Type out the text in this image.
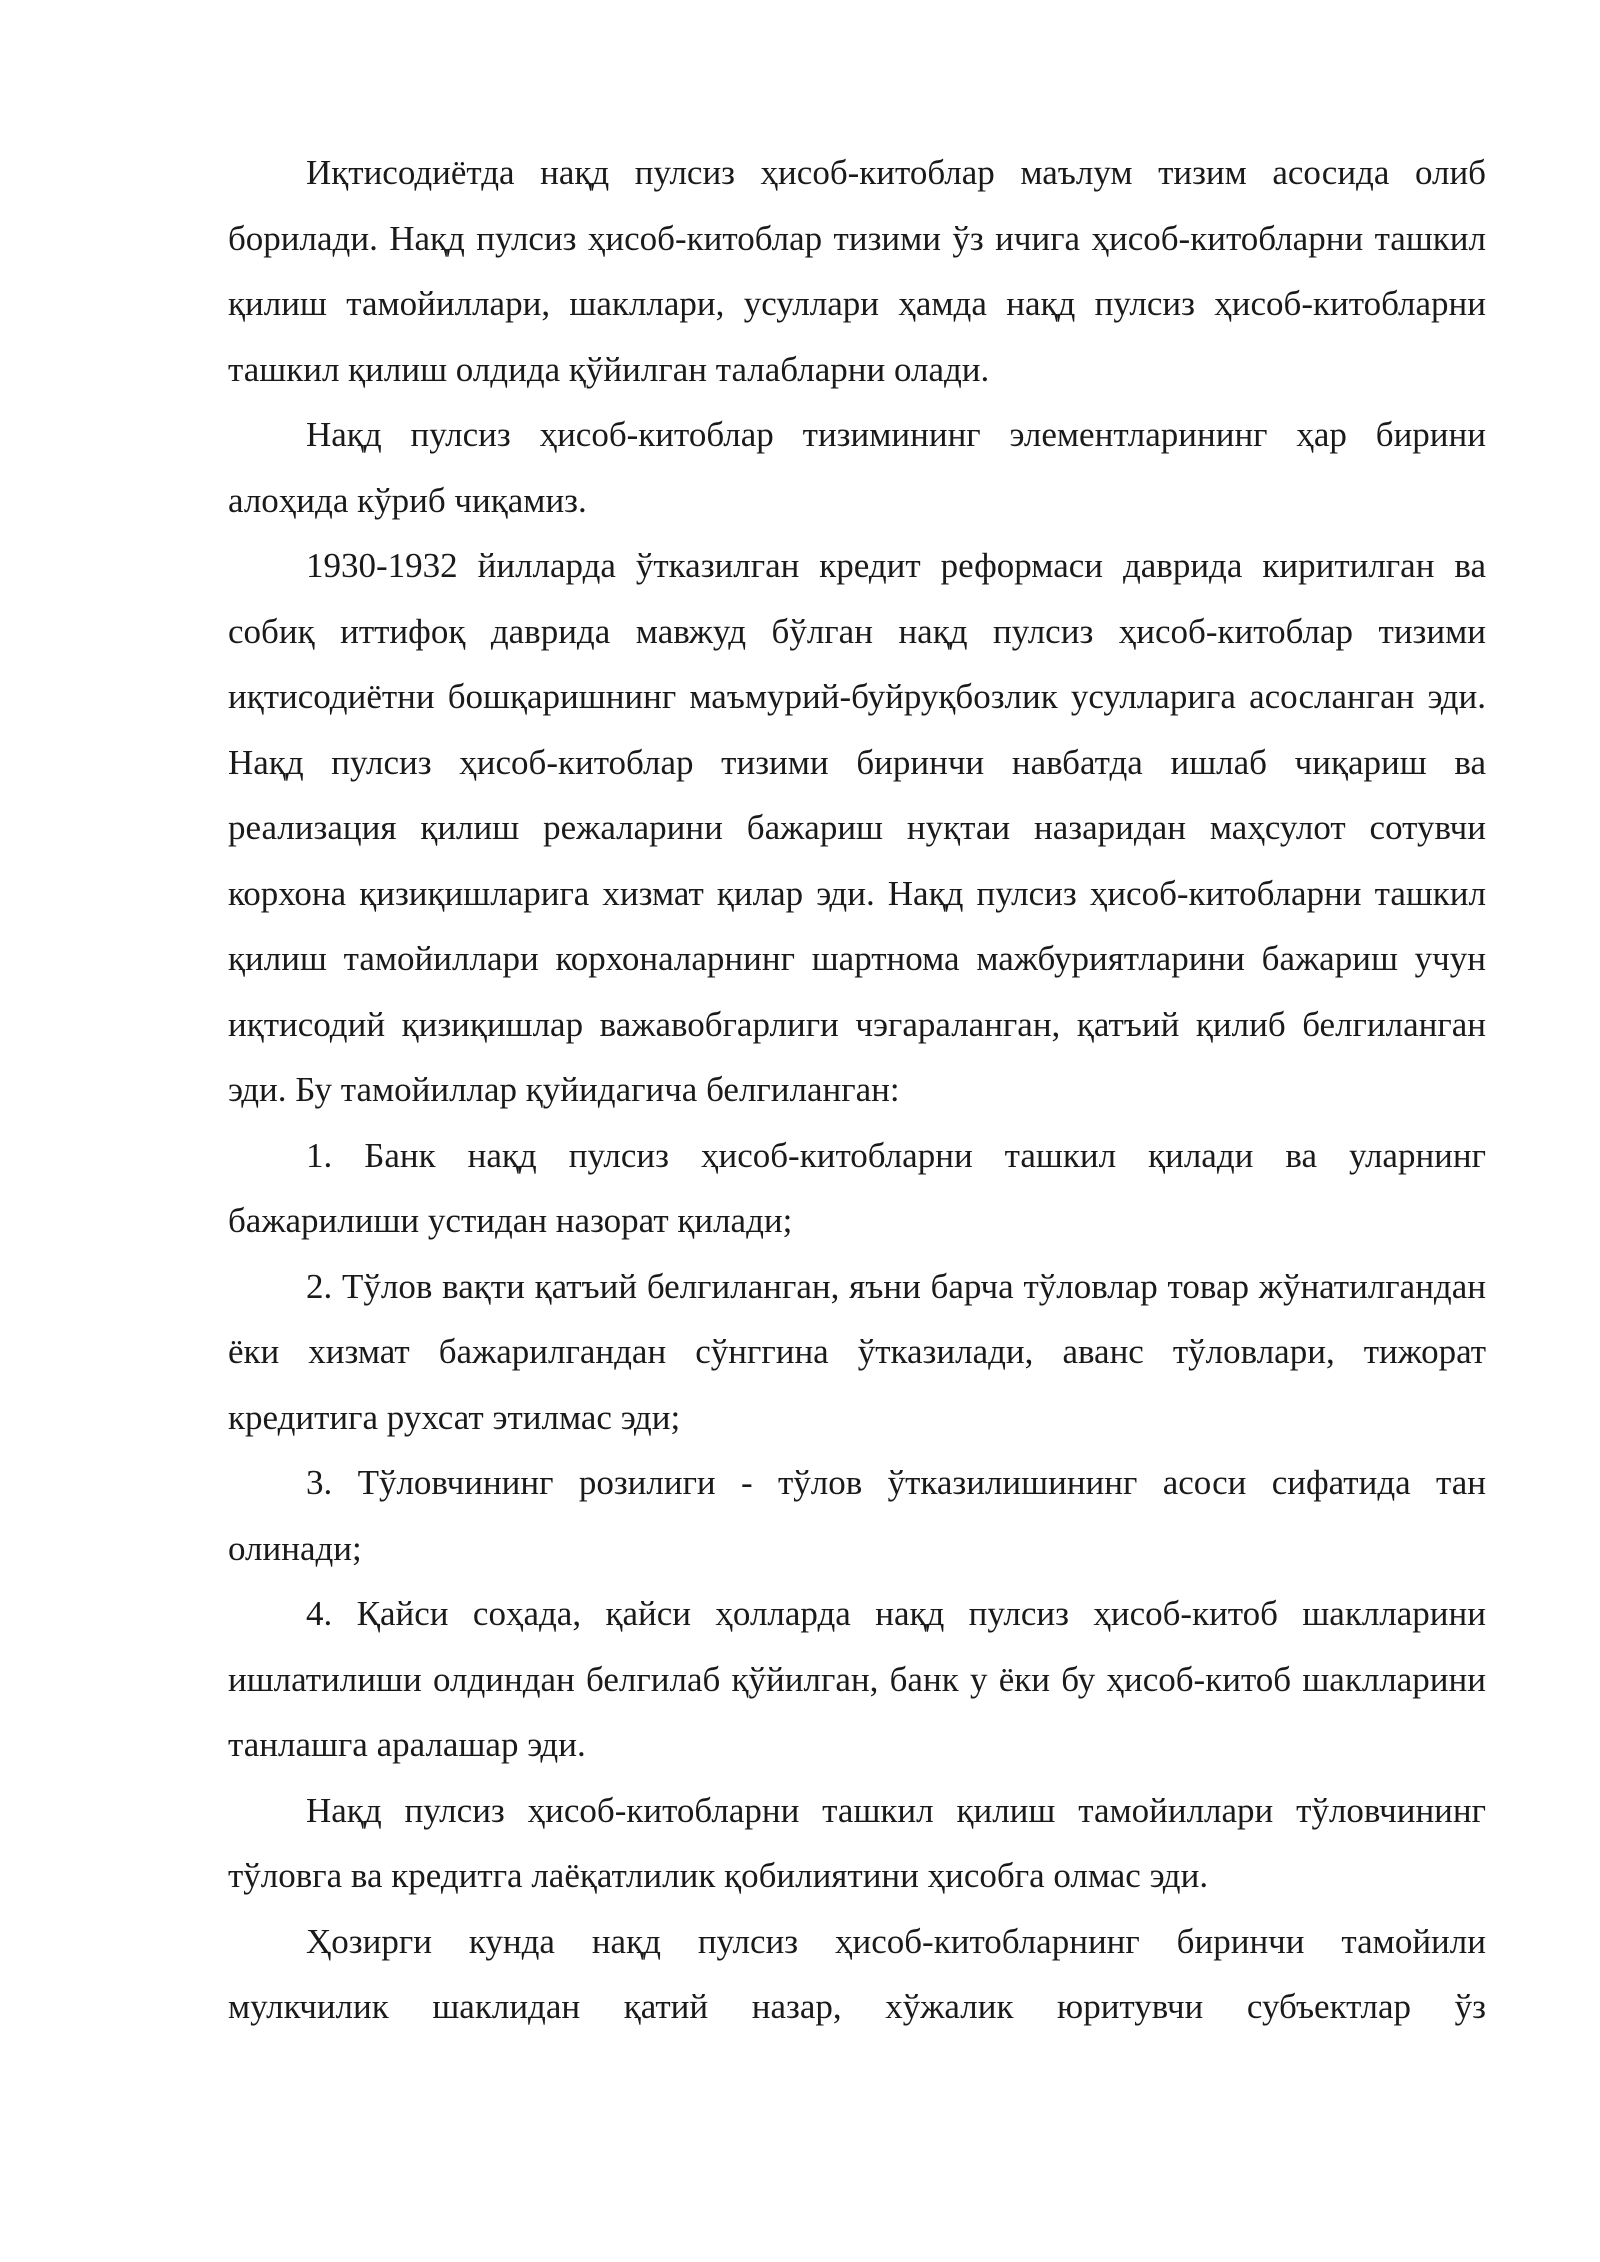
Иқтисодиётда нақд пулсиз ҳисоб-китоблар маълум тизим асосида олиб борилади. Нақд пулсиз ҳисоб-китоблар тизими ўз ичига ҳисоб-китобларни ташкил қилиш тамойиллари, шакллари, усуллари ҳамда нақд пулсиз ҳисоб-китобларни ташкил қилиш олдида қўйилган талабларни олади.

Нақд пулсиз ҳисоб-китоблар тизимининг элементларининг ҳар бирини алоҳида кўриб чиқамиз.

1930-1932 йилларда ўтказилган кредит реформаси даврида киритилган ва собиқ иттифоқ даврида мавжуд бўлган нақд пулсиз ҳисоб-китоблар тизими иқтисодиётни бошқаришнинг маъмурий-буйруқбозлик усулларига асосланган эди. Нақд пулсиз ҳисоб-китоблар тизими биринчи навбатда ишлаб чиқариш ва реализация қилиш режаларини бажариш нуқтаи назаридан маҳсулот сотувчи корхона қизиқишларига хизмат қилар эди. Нақд пулсиз ҳисоб-китобларни ташкил қилиш тамойиллари корхоналарнинг шартнома мажбуриятларини бажариш учун иқтисодий қизиқишлар важавобгарлиги чэгараланган, қатъий қилиб белгиланган эди. Бу тамойиллар қуйидагича белгиланган:

1. Банк нақд пулсиз ҳисоб-китобларни ташкил қилади ва уларнинг бажарилиши устидан назорат қилади;

2. Тўлов вақти қатъий белгиланган, яъни барча тўловлар товар жўнатилгандан ёки хизмат бажарилгандан сўнггина ўтказилади, аванс тўловлари, тижорат кредитига рухсат этилмас эди;

3. Тўловчининг розилиги - тўлов ўтказилишининг асоси сифатида тан олинади;

4. Қайси соҳада, қайси ҳолларда нақд пулсиз ҳисоб-китоб шаклларини ишлатилиши олдиндан белгилаб қўйилган, банк у ёки бу ҳисоб-китоб шаклларини танлашга аралашар эди.

Нақд пулсиз ҳисоб-китобларни ташкил қилиш тамойиллари тўловчининг тўловга ва кредитга лаёқатлилик қобилиятини ҳисобга олмас эди.

Ҳозирги кунда нақд пулсиз ҳисоб-китобларнинг биринчи тамойили мулкчилик шаклидан қатий назар, хўжалик юритувчи субъектлар ўз
